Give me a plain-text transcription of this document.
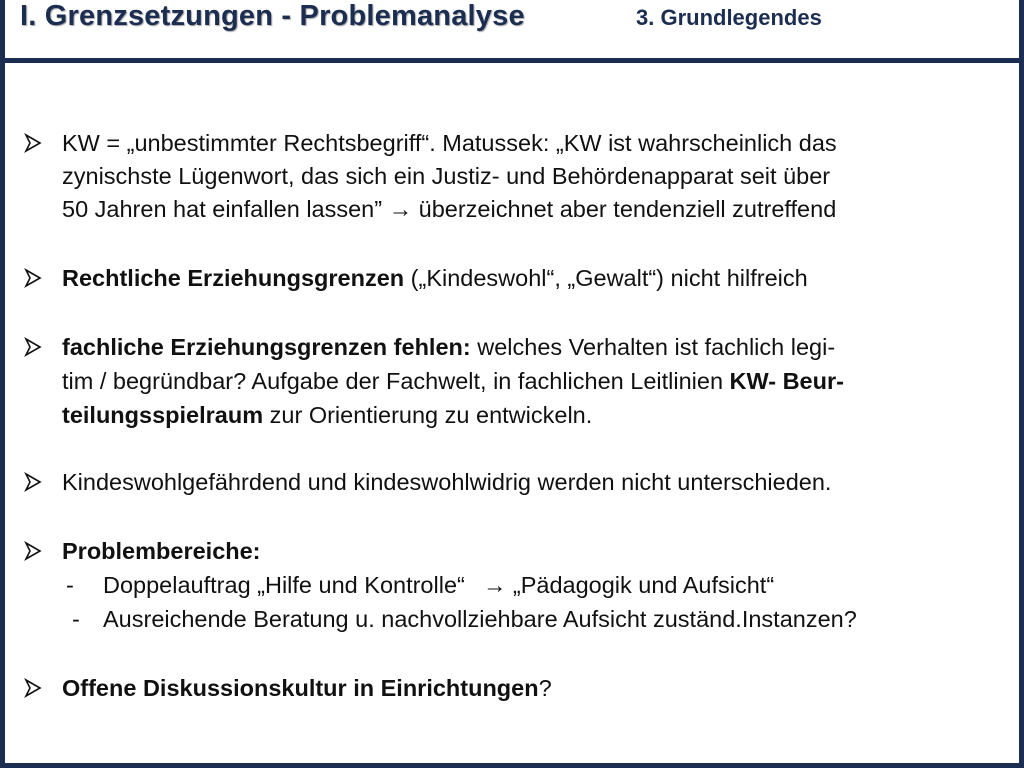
I. Grenzsetzungen - Problemanalyse	3. Grundlegendes
KW = „unbestimmter Rechtsbegriff“. Matussek: „KW ist wahrscheinlich das
zynischste Lügenwort, das sich ein Justiz- und Behördenapparat seit über
50 Jahren hat einfallen lassen” → überzeichnet aber tendenziell zutreffend
Rechtliche Erziehungsgrenzen („Kindeswohl“, „Gewalt“) nicht hilfreich
fachliche Erziehungsgrenzen fehlen: welches Verhalten ist fachlich legi-
tim / begründbar? Aufgabe der Fachwelt, in fachlichen Leitlinien KW- Beur-
teilungsspielraum zur Orientierung zu entwickeln.
Kindeswohlgefährdend und kindeswohlwidrig werden nicht unterschieden.
Problembereiche:
- Doppelauftrag „Hilfe und Kontrolle“ → „Pädagogik und Aufsicht“
- Ausreichende Beratung u. nachvollziehbare Aufsicht zuständ.Instanzen?
Offene Diskussionskultur in Einrichtungen?
